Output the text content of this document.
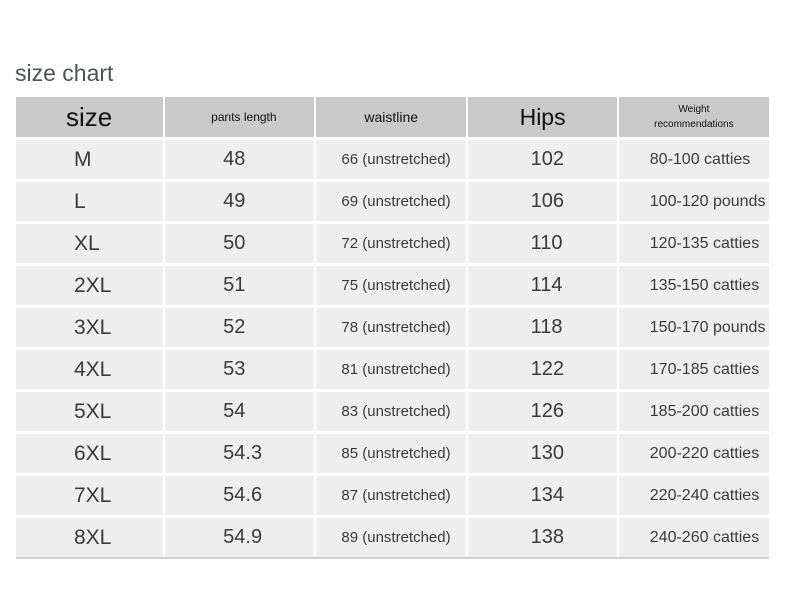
size chart
size	pants length	waistline	Hips	Weight
recommendations

M	48	66 (unstretched)	102	80-100 catties
L	49	69 (unstretched)	106	100-120 pounds
XL	50	72 (unstretched)	110	120-135 catties
2XL	51	75 (unstretched)	114	135-150 catties
3XL	52	78 (unstretched)	118	150-170 pounds
4XL	53	81 (unstretched)	122	170-185 catties
5XL	54	83 (unstretched)	126	185-200 catties
6XL	54.3	85 (unstretched)	130	200-220 catties
7XL	54.6	87 (unstretched)	134	220-240 catties
8XL	54.9	89 (unstretched)	138	240-260 catties
